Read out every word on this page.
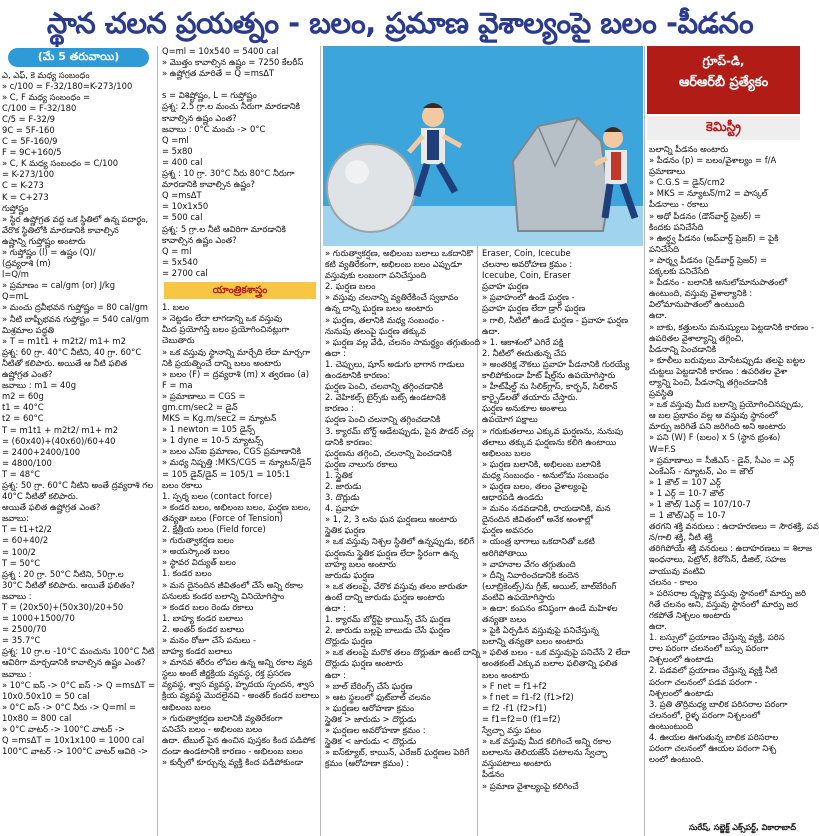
స్థాన చలన ప్రయత్నం - బలం, ప్రమాణ వైశాల్యంపై బలం -పీడనం
(మే 5 తరువాయి)
ఎ, ఎఫ్, కె మధ్య సంబంధం
» c/100 = F-32/180=K-273/100
» C, F మధ్య సంబంధం =
C/100 = F-32/180
C/5 = F-32/9
9C = 5F-160
C = 5F-160/9
F = 9C+160/5
» C, K మధ్య సంబంధం = C/100
= K-273/100
C = K-273
K = C+273
గుప్తోష్ణం
» స్థిర ఉష్ణోగ్రత వద్ద ఒక స్థితిలో ఉన్న పదార్థం,
వేరొక స్థితిలోకి మారడానికి కావాల్సిన
ఉష్ణాన్ని గుప్తోష్ణం అంటారు
» గుప్తోష్ణం (l) = ఉష్ణం (Q)/
(ద్రవ్యరాశి (m)
l=Q/m
» ప్రమాణం = cal/gm (or) J/kg
Q=mL
» మంచు ద్రవీభవన గుప్తోష్ణం = 80 cal/gm
» నీటి బాష్పీభవన గుప్తోష్ణం = 540 cal/gm
మిశ్రమాల పద్ధతి
» T = m1t1 + m2t2/ m1+ m2
ప్రశ్న: 60 గ్రా. 40°C నీటిని, 40 గ్రా. 60°C
నీటితో కలిపారు. అయితే ఆ నీటి ఫలిత
ఉష్ణోగ్రత ఎంత?
జవాబు : m1 = 40g
m2 = 60g
t1 = 40°C
t2 = 60°C
T = m1t1 + m2t2/ m1+ m2
= (60x40)+(40x60)/60+40
= 2400+2400/100
= 4800/100
T = 48°C
ప్రశ్న: 50 గ్రా. 60°C నీటిని అంతే ద్రవ్యరాశి గల
40°C నీటితో కలిపారు.
అయితే ఫలిత ఉష్ణోగ్రత ఎంత?
జవాబు:
T = t1+t2/2
= 60+40/2
= 100/2
T = 50°C
ప్రశ్న : 20 గ్రా. 50°C నీటిని, 50గ్రా.ల
30°C నీటితో కలిపారు. అయితే ఫలితం?
జవాబు :
T = (20x50)+(50x30)/20+50
= 1000+1500/70
= 2500/70
= 35.7°C
ప్రశ్న: 10 గ్రా.ల -10°C మంచును 100°C నీటి
ఆవిరిగా మార్చడానికి కావాల్సిన ఉష్ణం ఎంత?
జవాబు :
» 10°C ఐస్ -> 0°C ఐస్ -> Q =msΔT =
10x0.50x10 = 50 cal
» 0°C ఐస్ -> 0°C నీరు -> Q=ml =
10x80 = 800 cal
» 0°C వాటర్ -> 100°C వాటర్ ->
Q =msΔT = 10x1x100 = 1000 cal
100°C వాటర్ -> 100°C వాటర్ ఆవిరి ->
Q=ml = 10x540 = 5400 cal
» మొత్తం కావాల్సిన ఉష్ణం = 7250 కేలరీస్
» ఉష్ణోగ్రత మారితే = Q =msΔT

s = విశిష్టోష్ణం, L = గుప్తోష్ణం
ప్రశ్న: 2.5 గ్రా.ల మంచు నీరుగా మారడానికి
కావాల్సిన ఉష్ణం ఎంత?
జవాబు : 0°C మంచు -> 0°C
Q =ml
= 5x80
= 400 cal
ప్రశ్న : 10 గ్రా. 30°C నీరు 80°C నీరుగా
మారడానికి కావాల్సిన ఉష్ణం?
Q =msΔT
= 10x1x50
= 500 cal
ప్రశ్న: 5 గ్రా.ల నీటి ఆవిరిగా మారడానికి
కావాల్సిన ఉష్ణం ఎంత?
Q = ml
= 5x540
= 2700 cal
యాంత్రికశాస్త్రం
1. బలం
» నెట్టడం లేదా లాగడాన్ని ఒక వస్తువు
మీద ప్రయోగిస్తే బలం ప్రయోగించినట్లుగా
చెబుతారు
» ఒక వస్తువు స్థానాన్ని మార్చేది లేదా మార్చగా
నికి ప్రయత్నించే దాన్ని బలం అంటారు
» బలం (F) = ద్రవ్యరాశి (m) x త్వరణం (a)
F = ma
» ప్రమాణాలు = CGS =
gm.cm/sec2 = డైన్
MKS = Kg.m/sec2 = న్యూటన్
» 1 newton = 105 డైన్స్
» 1 dyne = 10-5 న్యూటన్స్
» బలం ఎస్ఐ ప్రమాణం, CGS ప్రమాణానికి
» మధ్య నిష్పత్తి :MKS/CGS = న్యూటన్/డైన్
= 105 డైన్/డైన్ = 105/1 = 105:1
బలం రకాలు
1. స్పర్శ బలం (contact force)
» కండర బలం, అభిలంబ బలం, ఘర్షణ బలం,
తన్యతా బలం (Force of Tension)
2. క్షేత్రీయ బలం (Field force)
» గురుత్వాకర్షణ బలం
» అయస్కాంత బలం
» స్థావర విద్యుత్ బలం
1. కండర బలం
» మన దైనందిన జీవితంలో చేసే అన్ని రకాల
పనులకు కండర బలాన్ని వినియోగిస్తాం
» కండర బలం రెండు రకాలు
1. బాహ్య కండర బలాలు
2. అంతర్ కండర బలాలు
» మనం రోజూ చేసే పనులు -
బాహ్య కండర బలాలు
» మానవ శరీరం లోపల ఉన్న అన్ని రకాల వ్యవ
స్థలు అంటే జీర్ణక్రియ వ్యవస్థ, రక్త ప్రసరణ
వ్యవస్థ, శ్వాస వ్యవస్థ, హృదయ స్పందన, శ్వాస
క్రియ వ్యవస్థ మొదలైనవి - అంతర్ కండర బలాలు
అభిలంబ బలం
» గురుత్వాకర్షణ బలానికి వ్యతిరేకంగా
పనిచేసే బలం - అభిలంబ బలం
ఉదా. టేబుల్ పైన ఉంచిన పుస్తకం కింద పడిపోక
దండా ఉండటానికి కారణం - అభిలంబ బలం
» కుర్చీలో కూర్చున్న వ్యక్తి కింద పడిపోకుండా
» గురుత్వాకర్షణ, అభిలంబ బలాలు ఒకదానికొ
కటి వ్యతిరేకంగా, అభిలంబ బలం ఎప్పుడూ
వస్తువుకు లంబంగా పనిచేస్తుంది
2. ఘర్షణ బలం
» వస్తువు చలనాన్ని వ్యతిరేకించే స్వభావం
ఉన్న దాన్ని ఘర్షణ బలం అంటారు
» ఘర్షణ, తలానికి మధ్య సంబంధం -
నునుపు తలంపై ఘర్షణ తక్కువ
» ఘర్షణ వల్ల వేడి, చలనం సామర్థ్యం తగ్గుతుంది
ఉదా :
1. చెప్పులు, షూస్ అడుగు భాగాన గాడులు
ఉండటానికి కారణం:
ఘర్షణ పెంచి, చలనాన్ని తగ్గించడానికి
2. వెహికల్స్ టైర్స్‌కు బట్స్ ఉండటానికి
కారణం :
ఘర్షణ పెంచి చలనాన్ని తగ్గించడానికి
3. క్యారమ్ బోర్డ్ ఆడేటప్పుడు, పైన పౌడర్ చల్ల
డానికి కారణం:
ఘర్షణను తగ్గించి, చలనాన్ని పెంచడానికి
ఘర్షణ నాలుగు రకాలు
1. స్థైతిక
2. జారుడు
3. దొర్లుడు
4. ప్రవాహ
» 1, 2, 3 లను ఘన ఘర్షణలు అంటారు
స్థైతిక ఘర్షణ
» ఒక వస్తువు నిశ్చల స్థితిలో ఉన్నప్పుడు, కలిగే
ఘర్షణను స్థైతిక ఘర్షణ లేదా స్థిరంగా ఉన్న
బాహ్య బలం అంటారు
జారుడు ఘర్షణ
» ఒక తలంపై, వేరొక వస్తువు తలం జారుతూ
ఉంటే దాన్ని జారుడు ఘర్షణ అంటారు
ఉదా :
1. క్యారమ్ బోర్డ్‌పై కాయిన్స్ చేసే ఘర్షణ
2. జారుడు బల్లపై బాలుడు చేసే ఘర్షణ
దొర్లుడు ఘర్షణ
» ఒక తలంపై మరొక తలం దొర్లుతూ ఉంటే దాన్ని
దొర్లుడు ఘర్షణ అంటారు
ఉదా :
» బాల్ బేరింగ్స్ చేసే ఘర్షణ
» ఆట స్థలంలో ఫుట్‌బాల్ చలనం
» ఘర్షణల ఆరోహణా క్రమం
స్థైతిక > జారుడు > దొర్లుడు
» ఘర్షణల అవరోహణా క్రమం :
స్థైతిక < జారుడు < దొర్లుడు
» ఐస్‌క్యూబ్, కాయిన్, ఎరేజర్ ఘర్షణల పెరిగే
క్రమం (ఆరోహణా క్రమం) :
Eraser, Coin, Icecube
చలనాల అవరోహణ క్రమం :
Icecube, Coin, Eraser
ప్రవాహ ఘర్షణ
» ప్రవాహంలో ఉండే ఘర్షణ -
ప్రవాహ ఘర్షణ లేదా డ్రాగ్ ఘర్షణ
» గాలి, నీటిలో ఉండే ఘర్షణ - ప్రవాహ ఘర్షణ
ఉదా.
» 1. ఆకాశంలో ఎగిరే పక్షి
2. నీటిలో ఈదుతున్న చేప
» అంతరిక్ష నౌకలు ప్రవాహ పీడనానికి గురయ్యే
కాలిపోకుండా హీట్ షీల్డ్‌ను ఉపయోగిస్తారు
» హీట్‌షీల్డ్ ను సిలిక్‌గ్లాస్, కార్బన్, సిలికాన్
కార్బైడ్‌లతో తయారు చేస్తారు.
ఘర్షణ అనుకూల అంశాలు
ఉపయోగ పక్షాలు
» గరుకుతలాలు ఎక్కువ ఘర్షణను, నునుపు
తలాలు తక్కువ ఘర్షణను కలిగి ఉంటాయి
అభిలంబ బలం
» ఘర్షణ బలానికి, అభిలంబ బలానికి
మధ్య సంబంధం - అనులోమ సంబంధం
» ఘర్షణ బలం, తలం వైశాల్యంపై
ఆధారపడి ఉండదు
» మనం నడవడానికి, రాయడానికి, మన
దైనందిన జీవితంలో అనేక అంశాల్లో
ఘర్షణ అవసరం
» యంత్ర భాగాలు ఒకదానితో ఒకటి
అరిగిపోతాయి
» వాహనాల వేగం తగ్గుతుంది
» దీన్ని నివారించడానికి కందెన
(లూబ్రికెంట్స్)ను గ్రీజ్, ఆయిల్, బాల్‌బేరింగ్
వంటివి ఉపయోగిస్తారు
» ఉదా: కంపనం కనిష్ఠంగా ఉండే మహిళల
తన్యతా బలం
» పైకి ఏర్పడిన వస్తువుపై పనిచేస్తున్న
బలాన్ని తన్యతా బలం అంటారు
» ఫలిత బలం - ఒక వస్తువుపై పనిచేసే 2 లేదా
అంతకంటే ఎక్కువ బలాల ఫలితాన్ని ఫలిత
బలం అంటారు
» F net = f1+f2
» f net = f1-f2 (f1>f2)
= f2 -f1 (f2>f1)
= f1=f2=0 (f1=f2)
స్వేచ్ఛా వస్తు పటం
» ఒక వస్తువు మీద కలిగించే అన్ని రకాల
బలాలను తెలియజేసే పటాలను స్వేచ్ఛా
వస్తుపటాలు అంటారు
పీడనం
» ప్రమాణ వైశాల్యంపై కలిగించే
గ్రూప్-డి,
ఆర్ఆర్‌బీ ప్రత్యేకం
కెమిస్ట్రీ
బలాన్ని పీడనం అంటారు
» పీడనం (p) = బలం/వైశాల్యం = f/A
ప్రమాణాలు
» C.G.S = డైన్/cm2
» MKS = న్యూటన్/m2 = పాస్కల్
పీడనాలు - రకాలు
» అధో పీడనం (డౌన్‌వార్డ్ ప్రెజర్) =
కిందకు పనిచేసేది
» ఊర్ధ్వ పీడనం (అప్‌వార్డ్ ప్రెజర్) = పైకి
పనిచేసేది
» పార్శ్వ పీడనం (సైడ్‌వార్డ్ ప్రెజర్) =
పక్కలకు పనిచేసేది
» పీడనం - బలానికి అనులోమానుపాతంలో
ఉంటుంది, వస్తువు వైశాల్యానికి :
విలోమానుపాతంలో ఉంటుంది
ఉదా.
» బాకు, కత్తులను మనుష్యులు పెట్టడానికి కారణం -
ఉపరితల వైశాల్యాన్ని తగ్గించి,
పీడనాన్ని పెంచడానికి
» కూలీలు బరువులు మోసేటప్పుడు తలపై బట్టల
చుట్టలు పెట్టడానికి కారణం : ఉపరితల వైశా
ల్యాన్ని పెంచి, పీడనాన్ని తగ్గించడానికి
ప్రవస్థితి
» ఒక వస్తువు మీద బలాన్ని ప్రయోగించినప్పుడు,
ఆ బల ప్రభావం వల్ల ఆ వస్తువు స్థానంలో
మార్పు జరిగితే పని జరిగింది అని అంటారు
» పని (W) F (బలం) x S (స్థాన భ్రంశం)
W=F.S
» ప్రమాణాలు = సీజీఎస్ - డైన్, సీఎం = ఎర్గ్
ఎంకేఎస్ - న్యూటన్, ఎం = జౌల్
» 1 జౌల్ = 107 ఎర్గ్
» 1 ఎర్గ్ = 10-7 జౌల్
» 1 జౌల్/ 1ఎర్గ్ = 107/10-7
= 1 జౌల్/ఎర్గ్ = 10-7
తరగని శక్తి వనరులు : ఉదాహరణలు = సౌరశక్తి, పవ
న/గాలి శక్తి, నీటి శక్తి
తరిగిపోయే శక్తి వనరులు : ఉదాహరణలు = శిలాజ
ఇంధనాలు, పెట్రోల్, కిరోసిన్, డీజిల్, సహజ
వాయువు వంటివి
చలనం - కాలం
» పరిసరాల దృష్ట్యా వస్తువు స్థానంలో మార్పు జరి
గితే చలనం అని, వస్తువు స్థానంలో మార్పు జర
గకపోతే నిశ్చలం అంటారు
ఉదా.
1. బస్సులో ప్రయాణం చేస్తున్న వ్యక్తి, పరిస
రాల పరంగా చలనంలో బస్సు పరంగా
నిశ్చలంలో ఉంటాడు
2. పడవలో ప్రయాణం చేస్తున్న వ్యక్తి నీటి
పరంగా చలనంలో పడవ పరంగా -
నిశ్చలంలో ఉంటాడు
3. ప్రతి తొర్రిమధ్య బాలిక పరిసరాల పరంగా
చలనంలో, రైళ్ళ పరంగా నిశ్చలంలో
ఉంటుంటుంది
4. ఊయల ఊగుతున్న బాలిక పరిసరాల
పరంగా చలనంలో ఊయల పరంగా నిశ్చ
లంలో ఉంటుంది.
సురేష్, సబ్జెక్ట్ ఎక్స్‌పర్ట్, వికారాబాద్
